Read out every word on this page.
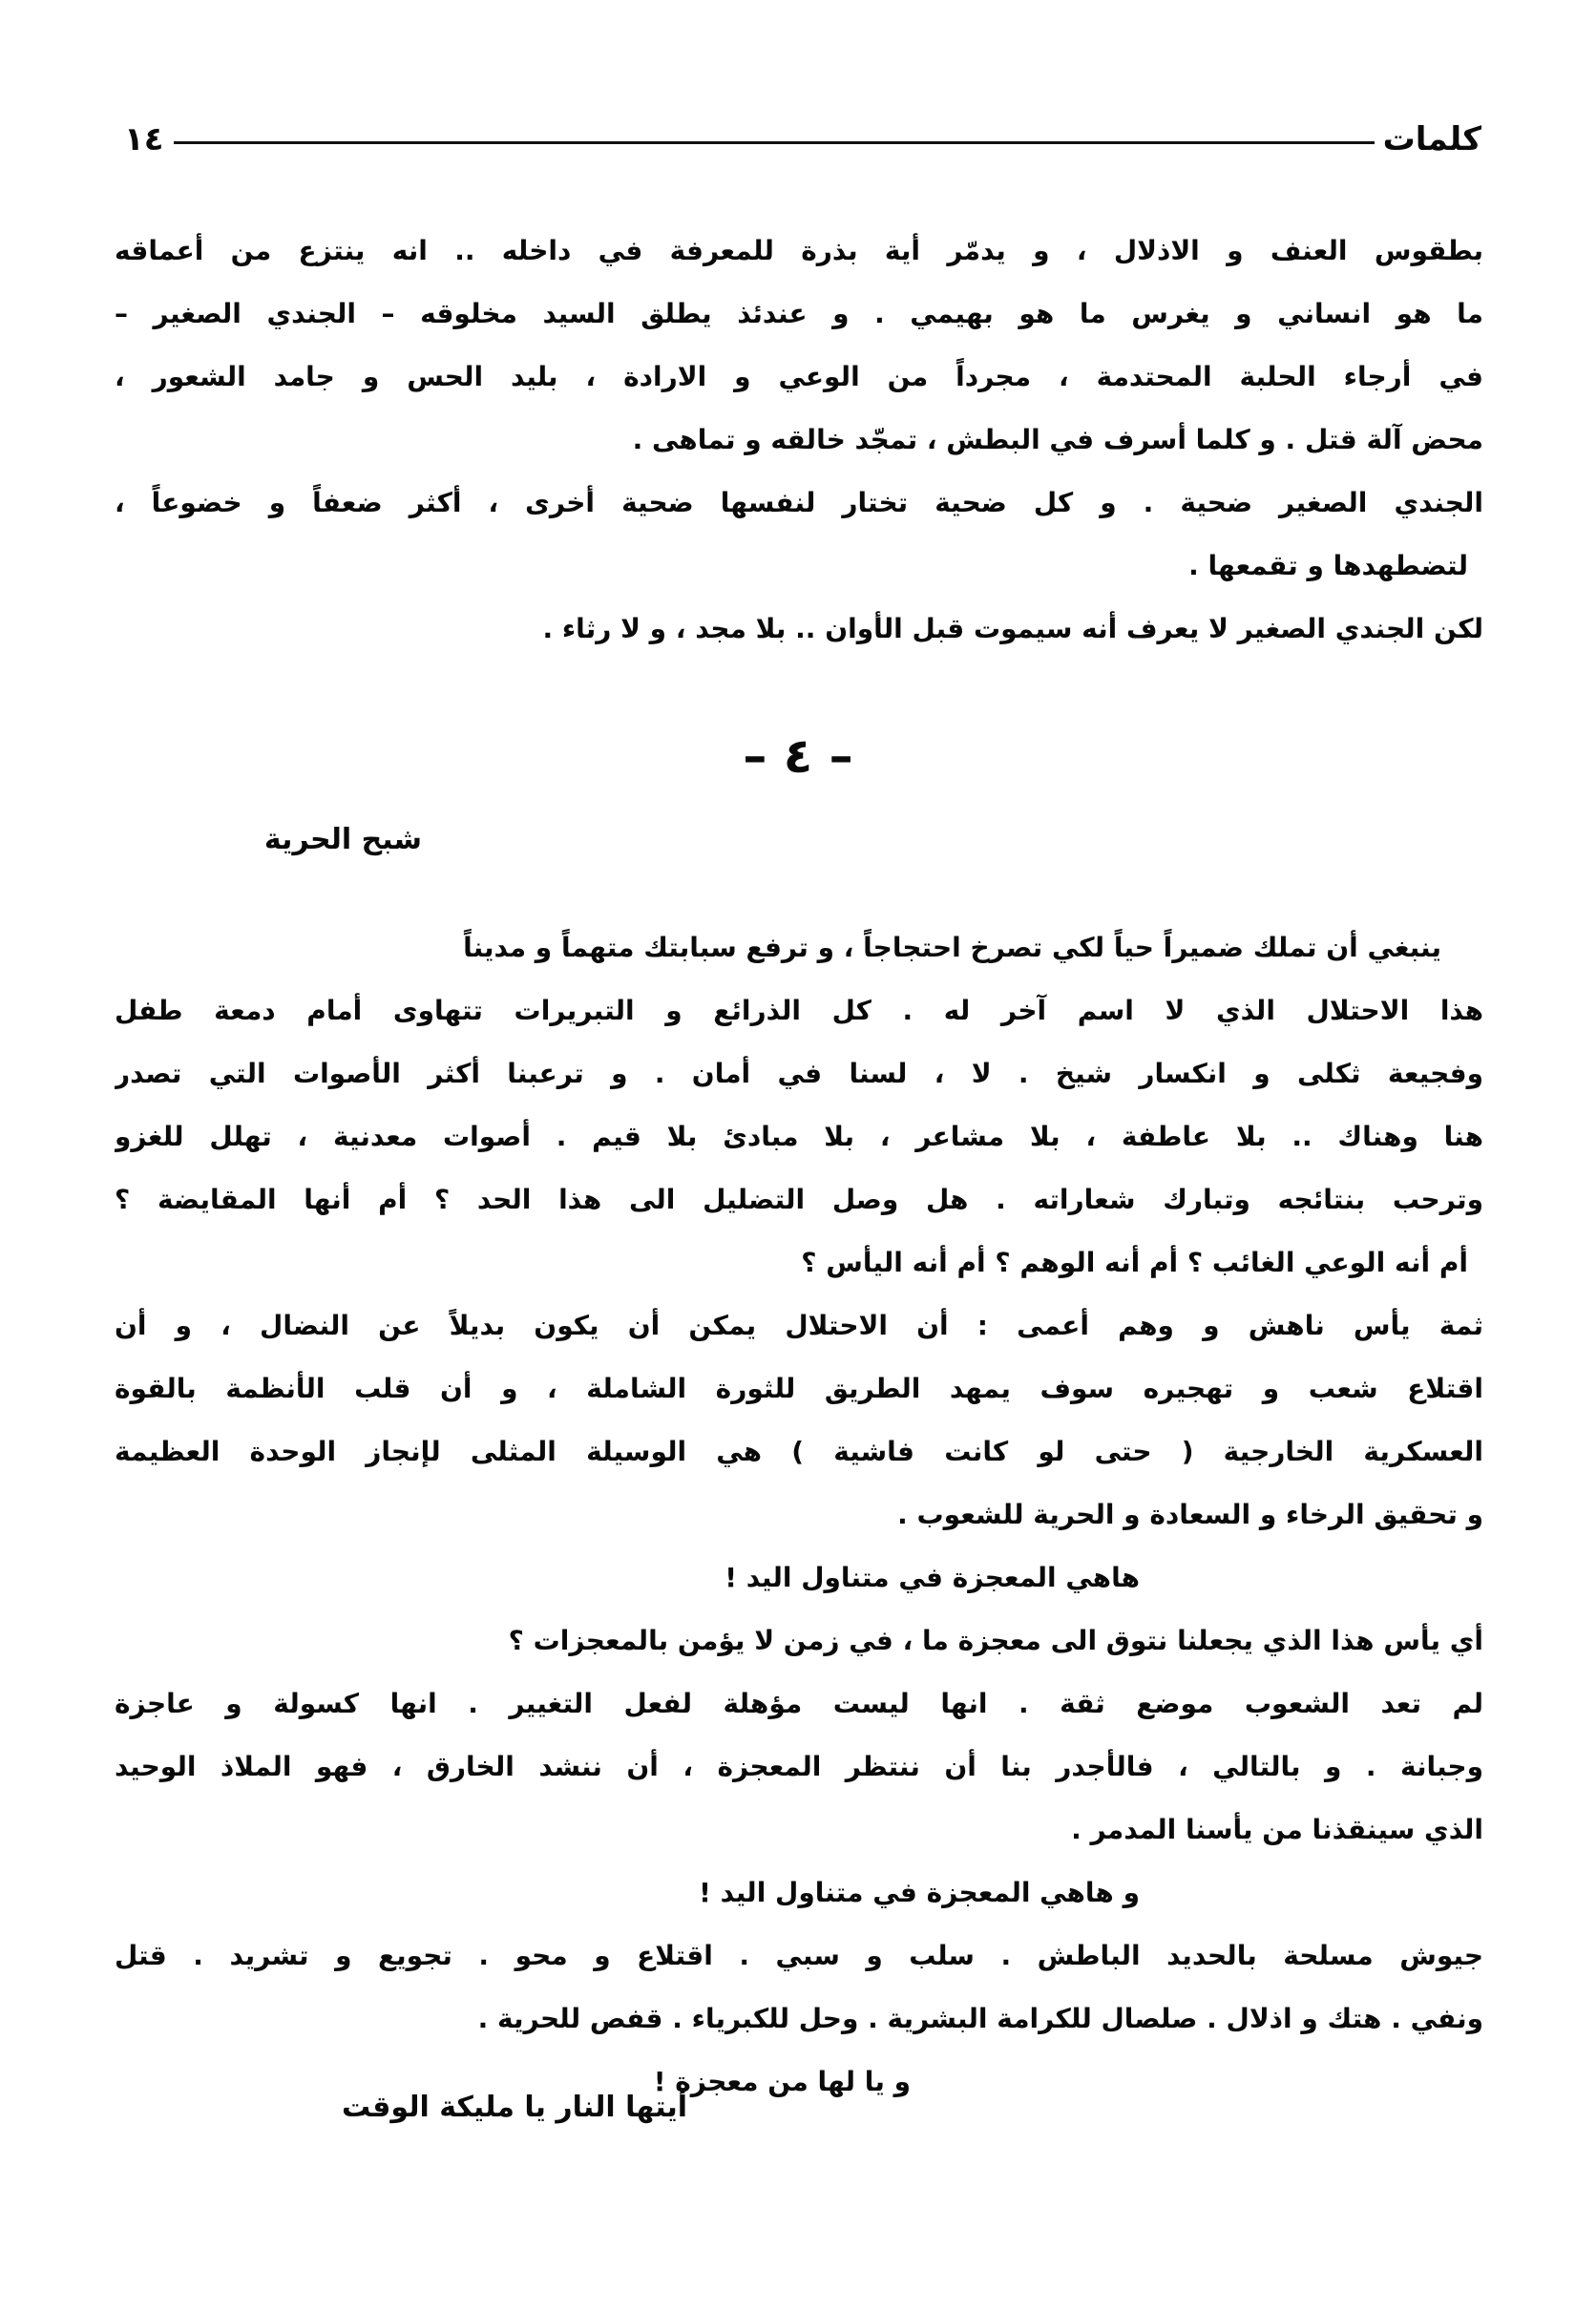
١٤	كلمات
بطقوس العنف و الاذلال ، و يدمّر أية بذرة للمعرفة في داخله .. انه ينتزع من أعماقه
ما هو انساني و يغرس ما هو بهيمي . و عندئذ يطلق السيد مخلوقه – الجندي الصغير –
في أرجاء الحلبة المحتدمة ، مجرداً من الوعي و الارادة ، بليد الحس و جامد الشعور ،
محض آلة قتل . و كلما أسرف في البطش ، تمجّد خالقه و تماهى .
الجندي الصغير ضحية . و كل ضحية تختار لنفسها ضحية أخرى ، أكثر ضعفاً و خضوعاً ،
لتضطهدها و تقمعها .
لكن الجندي الصغير لا يعرف أنه سيموت قبل الأوان .. بلا مجد ، و لا رثاء .
– ٤ –
شبح الحرية
ينبغي أن تملك ضميراً حياً لكي تصرخ احتجاجاً ، و ترفع سبابتك متهماً و مديناً
هذا الاحتلال الذي لا اسم آخر له . كل الذرائع و التبريرات تتهاوى أمام دمعة طفل
وفجيعة ثكلى و انكسار شيخ . لا ، لسنا في أمان . و ترعبنا أكثر الأصوات التي تصدر
هنا وهناك .. بلا عاطفة ، بلا مشاعر ، بلا مبادئ بلا قيم . أصوات معدنية ، تهلل للغزو
وترحب بنتائجه وتبارك شعاراته . هل وصل التضليل الى هذا الحد ؟ أم أنها المقايضة ؟
أم أنه الوعي الغائب ؟ أم أنه الوهم ؟ أم أنه اليأس ؟
ثمة يأس ناهش و وهم أعمى : أن الاحتلال يمكن أن يكون بديلاً عن النضال ، و أن
اقتلاع شعب و تهجيره سوف يمهد الطريق للثورة الشاملة ، و أن قلب الأنظمة بالقوة
العسكرية الخارجية ( حتى لو كانت فاشية ) هي الوسيلة المثلى لإنجاز الوحدة العظيمة
و تحقيق الرخاء و السعادة و الحرية للشعوب .
هاهي المعجزة في متناول اليد !
أي يأس هذا الذي يجعلنا نتوق الى معجزة ما ، في زمن لا يؤمن بالمعجزات ؟
لم تعد الشعوب موضع ثقة . انها ليست مؤهلة لفعل التغيير . انها كسولة و عاجزة
وجبانة . و بالتالي ، فالأجدر بنا أن ننتظر المعجزة ، أن ننشد الخارق ، فهو الملاذ الوحيد
الذي سينقذنا من يأسنا المدمر .
و هاهي المعجزة في متناول اليد !
جيوش مسلحة بالحديد الباطش . سلب و سبي . اقتلاع و محو . تجويع و تشريد . قتل
ونفي . هتك و اذلال . صلصال للكرامة البشرية . وحل للكبرياء . قفص للحرية .
و يا لها من معجزة !
أيتها النار يا مليكة الوقت
